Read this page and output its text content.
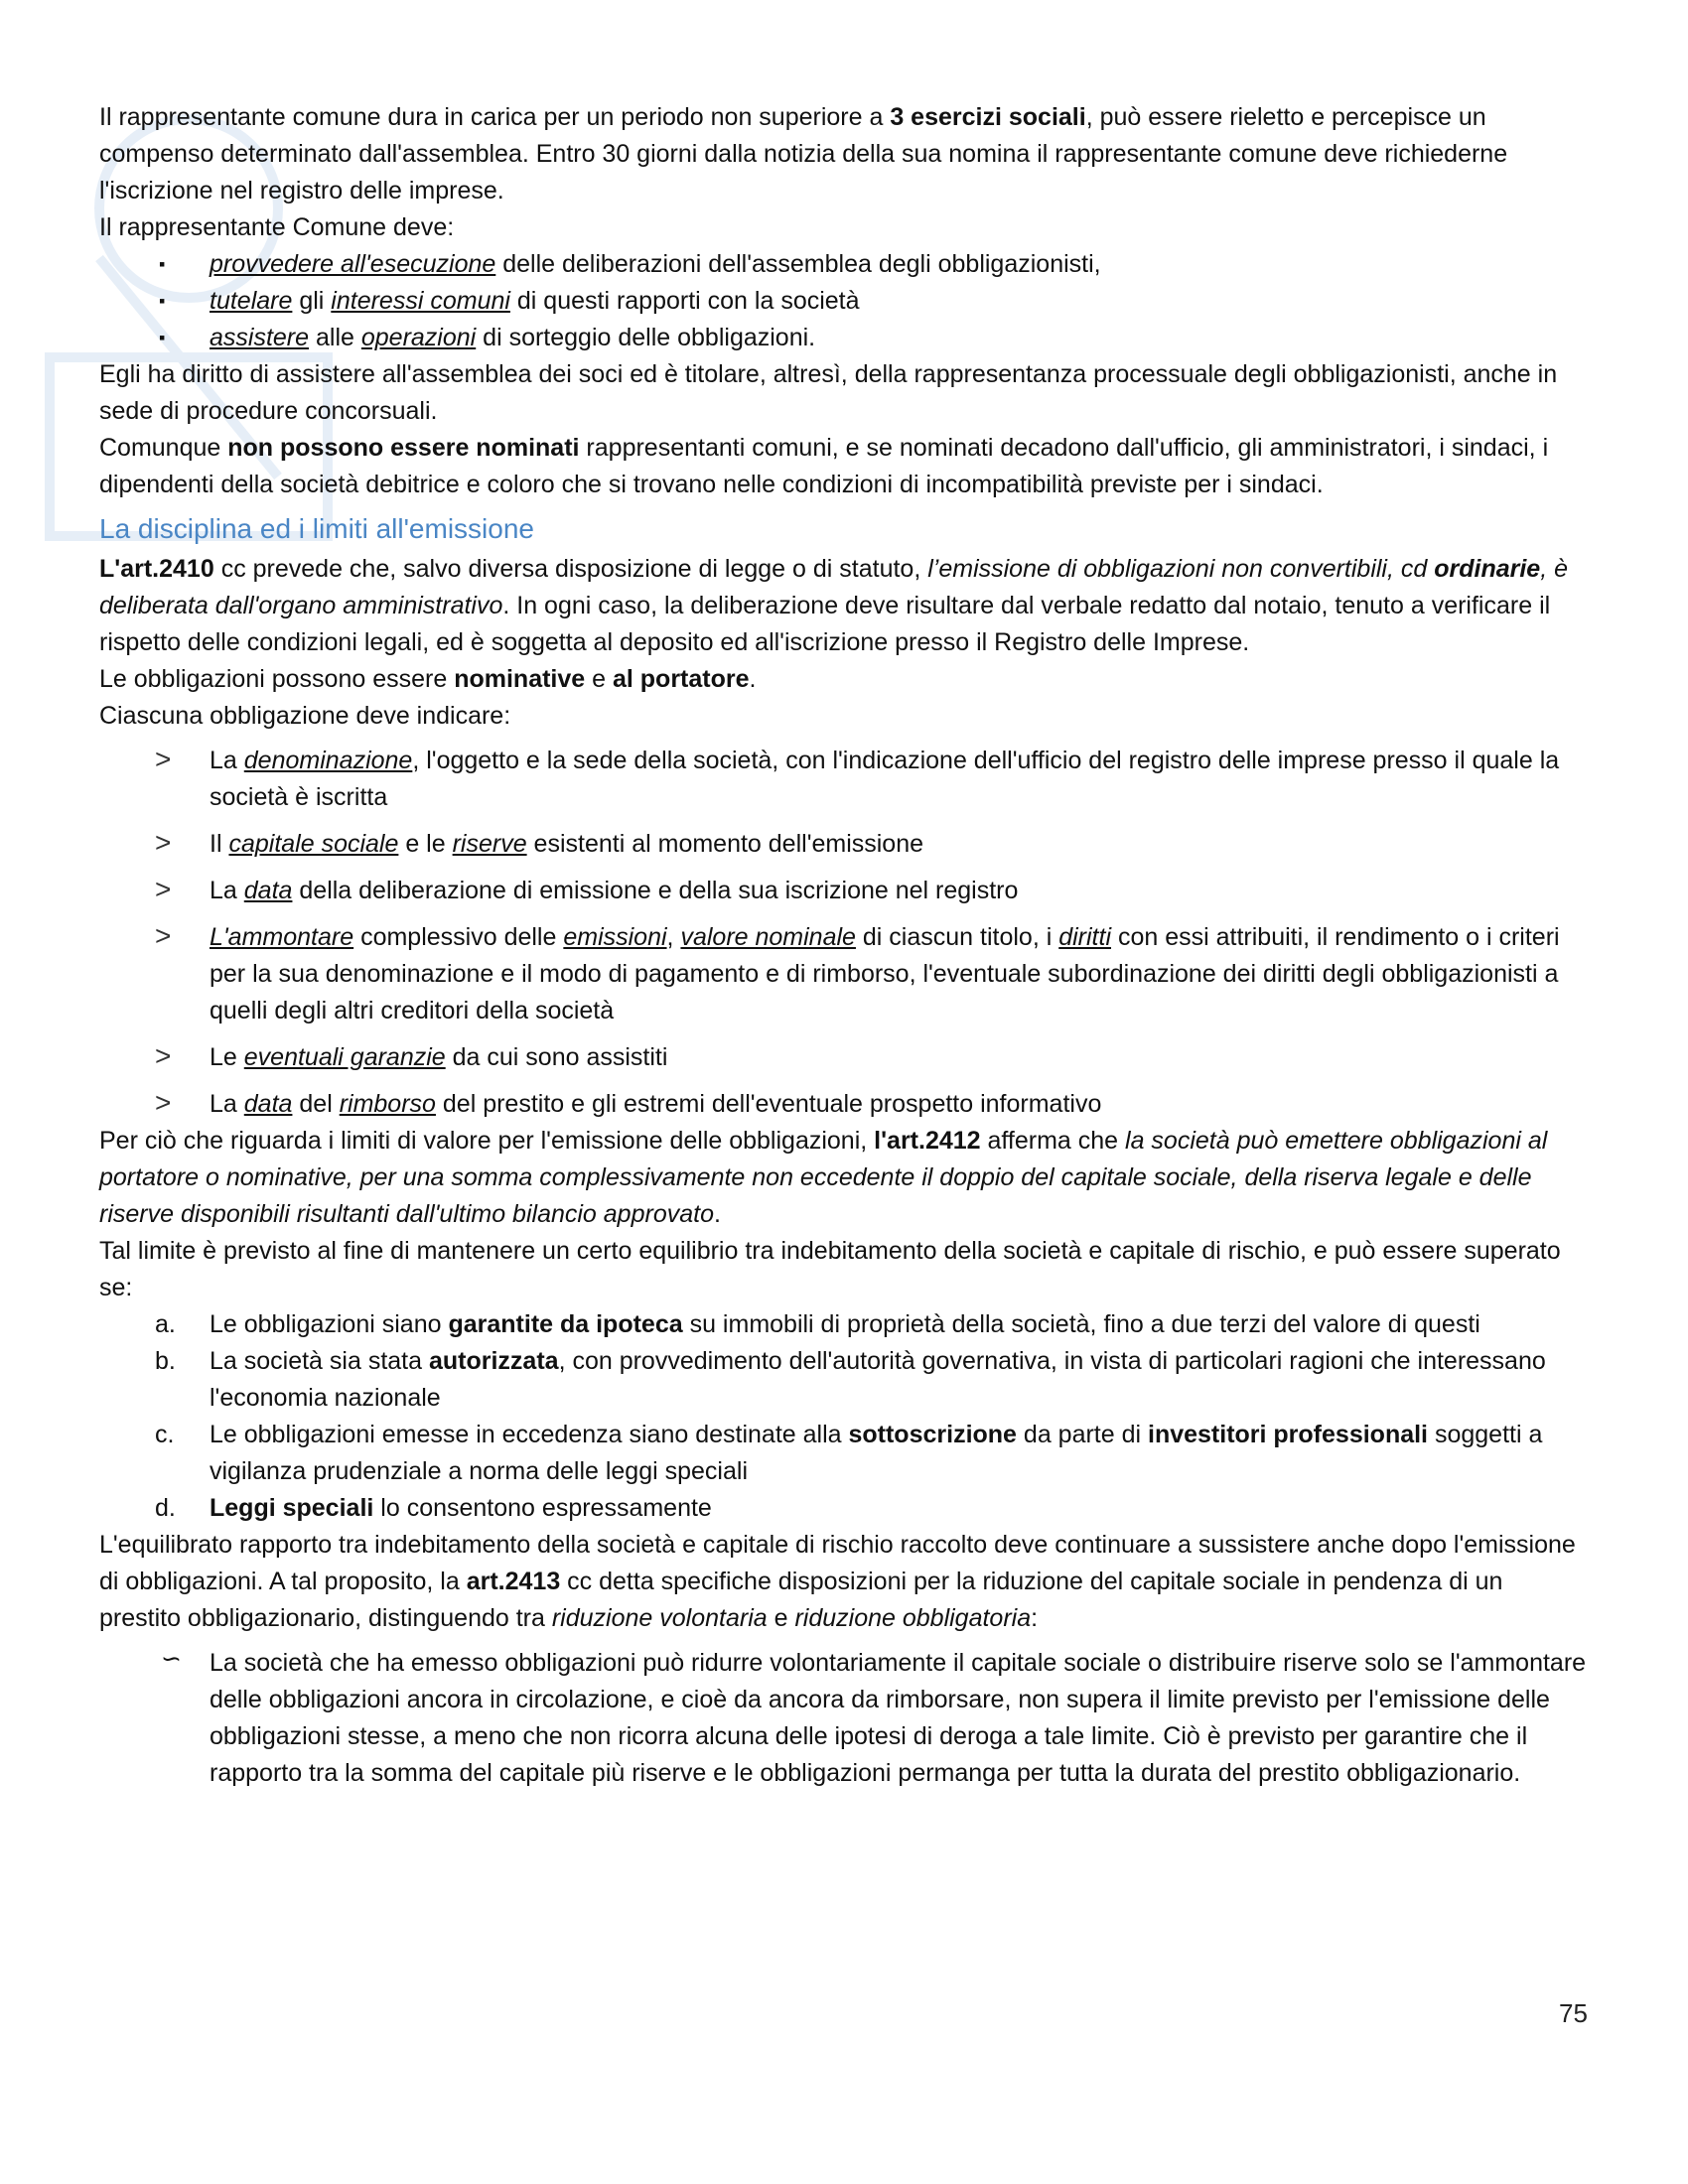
Il rappresentante comune dura in carica per un periodo non superiore a 3 esercizi sociali, può essere rieletto e percepisce un compenso determinato dall'assemblea. Entro 30 giorni dalla notizia della sua nomina il rappresentante comune deve richiederne l'iscrizione nel registro delle imprese.

Il rappresentante Comune deve:

▪ provvedere all'esecuzione delle deliberazioni dell'assemblea degli obbligazionisti,
▪ tutelare gli interessi comuni di questi rapporti con la società
▪ assistere alle operazioni di sorteggio delle obbligazioni.

Egli ha diritto di assistere all'assemblea dei soci ed è titolare, altresì, della rappresentanza processuale degli obbligazionisti, anche in sede di procedure concorsuali.

Comunque non possono essere nominati rappresentanti comuni, e se nominati decadono dall'ufficio, gli amministratori, i sindaci, i dipendenti della società debitrice e coloro che si trovano nelle condizioni di incompatibilità previste per i sindaci.

La disciplina ed i limiti all'emissione

L'art.2410 cc prevede che, salvo diversa disposizione di legge o di statuto, l’emissione di obbligazioni non convertibili, cd ordinarie, è deliberata dall'organo amministrativo. In ogni caso, la deliberazione deve risultare dal verbale redatto dal notaio, tenuto a verificare il rispetto delle condizioni legali, ed è soggetta al deposito ed all'iscrizione presso il Registro delle Imprese.

Le obbligazioni possono essere nominative e al portatore.

Ciascuna obbligazione deve indicare:

> La denominazione, l'oggetto e la sede della società, con l'indicazione dell'ufficio del registro delle imprese presso il quale la società è iscritta
> Il capitale sociale e le riserve esistenti al momento dell'emissione
> La data della deliberazione di emissione e della sua iscrizione nel registro
> L'ammontare complessivo delle emissioni, valore nominale di ciascun titolo, i diritti con essi attribuiti, il rendimento o i criteri per la sua denominazione e il modo di pagamento e di rimborso, l'eventuale subordinazione dei diritti degli obbligazionisti a quelli degli altri creditori della società
> Le eventuali garanzie da cui sono assistiti
> La data del rimborso del prestito e gli estremi dell'eventuale prospetto informativo

Per ciò che riguarda i limiti di valore per l'emissione delle obbligazioni, l'art.2412 afferma che la società può emettere obbligazioni al portatore o nominative, per una somma complessivamente non eccedente il doppio del capitale sociale, della riserva legale e delle riserve disponibili risultanti dall'ultimo bilancio approvato.

Tal limite è previsto al fine di mantenere un certo equilibrio tra indebitamento della società e capitale di rischio, e può essere superato se:

a. Le obbligazioni siano garantite da ipoteca su immobili di proprietà della società, fino a due terzi del valore di questi
b. La società sia stata autorizzata, con provvedimento dell'autorità governativa, in vista di particolari ragioni che interessano l'economia nazionale
c. Le obbligazioni emesse in eccedenza siano destinate alla sottoscrizione da parte di investitori professionali soggetti a vigilanza prudenziale a norma delle leggi speciali
d. Leggi speciali lo consentono espressamente

L'equilibrato rapporto tra indebitamento della società e capitale di rischio raccolto deve continuare a sussistere anche dopo l'emissione di obbligazioni. A tal proposito, la art.2413 cc detta specifiche disposizioni per la riduzione del capitale sociale in pendenza di un prestito obbligazionario, distinguendo tra riduzione volontaria e riduzione obbligatoria:

∽ La società che ha emesso obbligazioni può ridurre volontariamente il capitale sociale o distribuire riserve solo se l'ammontare delle obbligazioni ancora in circolazione, e cioè da ancora da rimborsare, non supera il limite previsto per l'emissione delle obbligazioni stesse, a meno che non ricorra alcuna delle ipotesi di deroga a tale limite. Ciò è previsto per garantire che il rapporto tra la somma del capitale più riserve e le obbligazioni permanga per tutta la durata del prestito obbligazionario.
75
